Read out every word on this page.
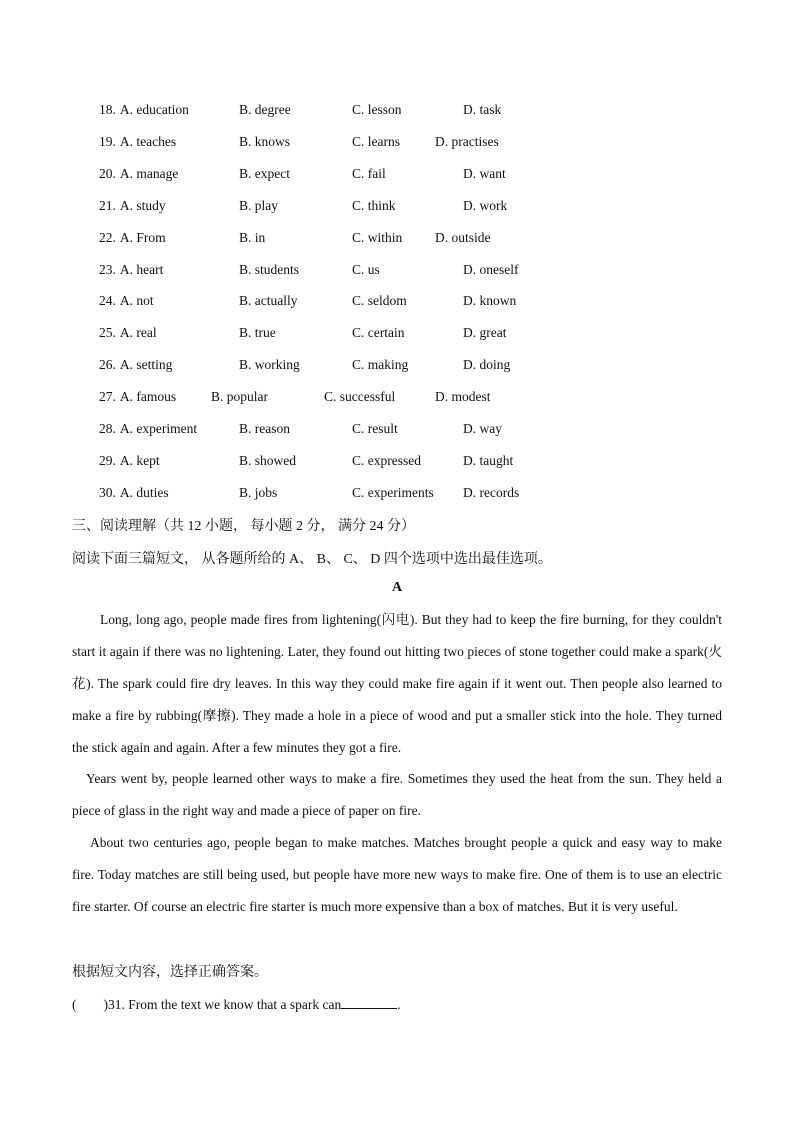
18. A. education	B. degree	C. lesson	D. task
19. A. teaches	B. knows	C. learns	D. practises
20. A. manage	B. expect	C. fail	D. want
21. A. study	B. play	C. think	D. work
22. A. From	B. in	C. within D. outside
23. A. heart	B. students	C. us	D. oneself
24. A. not	B. actually	C. seldom	D. known
25. A. real	B. true	C. certain	D. great
26. A. setting	B. working	C. making	D. doing
27. A. famous	B. popular	C. successful	D. modest
28. A. experiment	B. reason	C. result	D. way
29. A. kept	B. showed	C. expressed	D. taught
30. A. duties	B. jobs	C. experiments D. records
三、阅读理解（共 12 小题， 每小题 2 分， 满分 24 分）
阅读下面三篇短文， 从各题所给的 A、 B、 C、 D 四个选项中选出最佳选项。
A
Long, long ago, people made fires from lightening(闪电). But they had to keep the fire burning, for they couldn't start it again if there was no lightening. Later, they found out hitting two pieces of stone together could make a spark(火花). The spark could fire dry leaves. In this way they could make fire again if it went out. Then people also learned to make a fire by rubbing(摩擦). They made a hole in a piece of wood and put a smaller stick into the hole. They turned the stick again and again. After a few minutes they got a fire.
Years went by, people learned other ways to make a fire. Sometimes they used the heat from the sun. They held a piece of glass in the right way and made a piece of paper on fire.
About two centuries ago, people began to make matches. Matches brought people a quick and easy way to make fire. Today matches are still being used, but people have more new ways to make fire. One of them is to use an electric fire starter. Of course an electric fire starter is much more expensive than a box of matches. But it is very useful.
根据短文内容，选择正确答案。
(　　)31. From the text we know that a spark can	.
